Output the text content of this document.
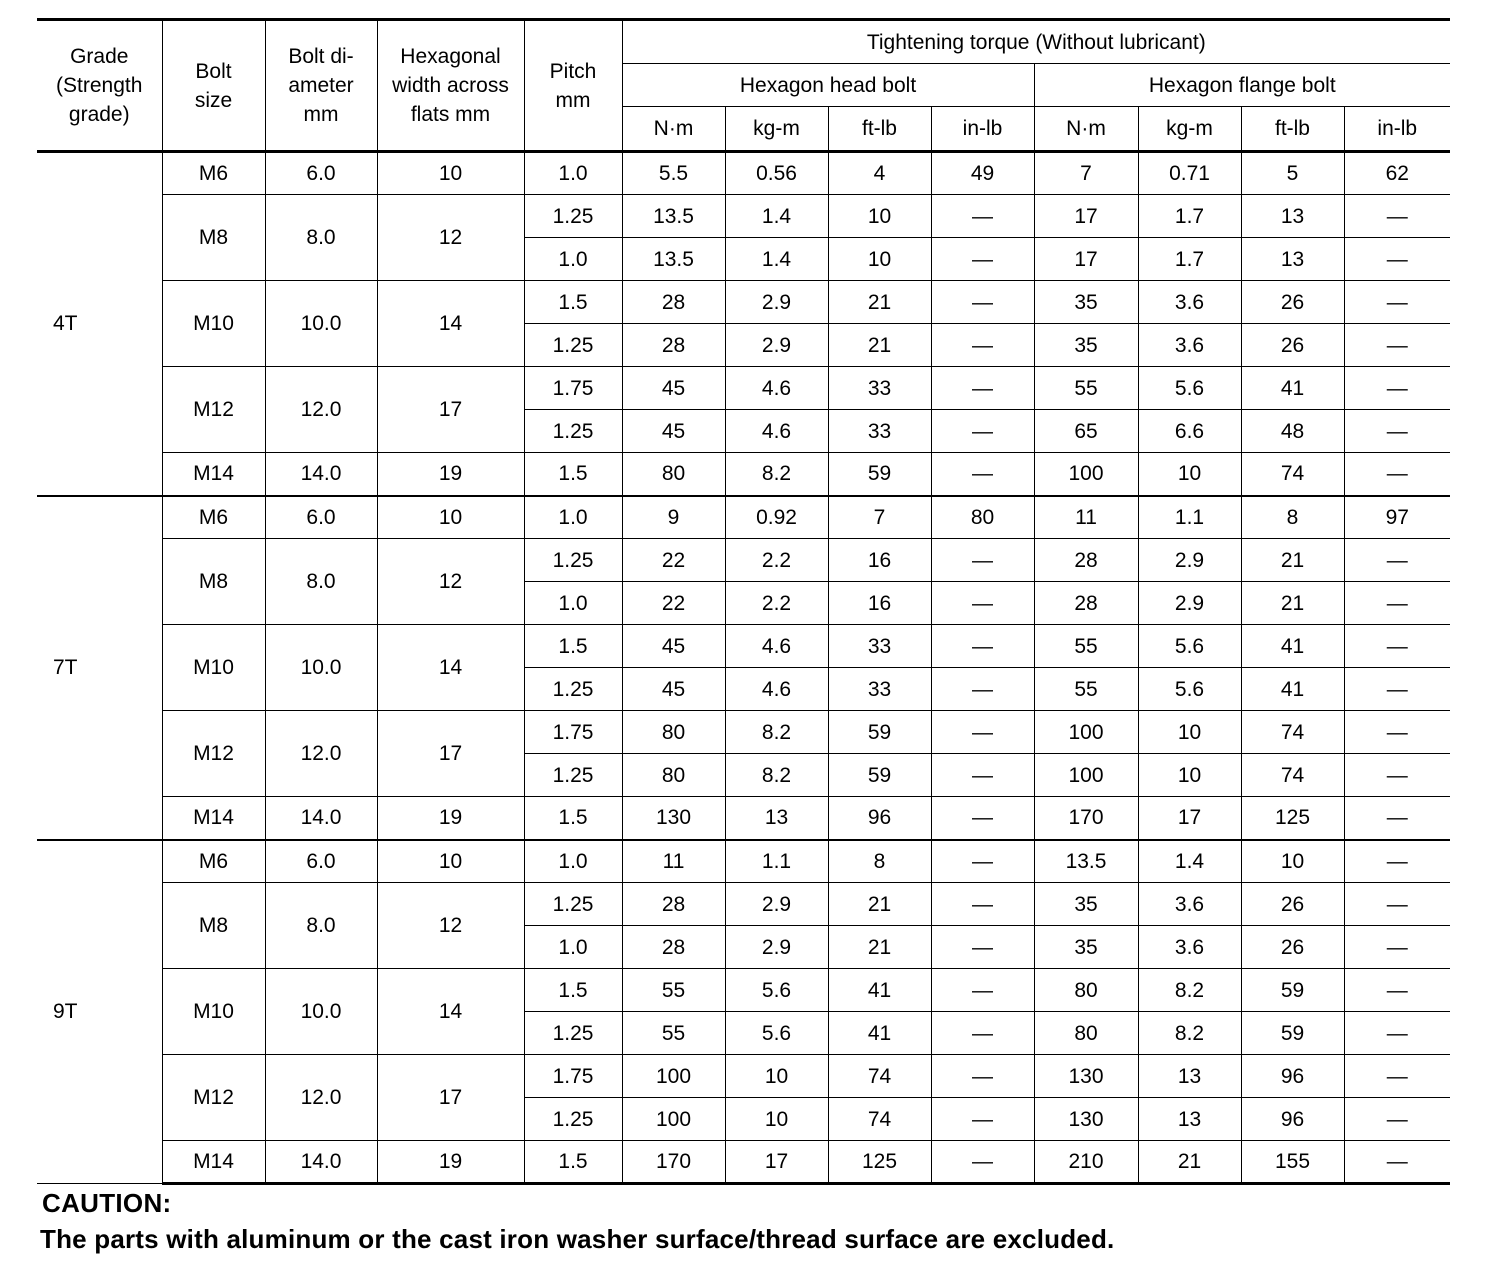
Grade (Strength grade)	Bolt size	Bolt di- ameter mm	Hexagonal width across flats mm	Pitch mm	Tightening torque (Without lubricant)							
					Hexagon head bolt				Hexagon flange bolt			
					N·m	kg-m	ft-lb	in-lb	N·m	kg-m	ft-lb	in-lb
4T	M6	6.0	10	1.0	5.5	0.56	4	49	7	0.71	5	62
	M8	8.0	12	1.25	13.5	1.4	10	—	17	1.7	13	—
				1.0	13.5	1.4	10	—	17	1.7	13	—
	M10	10.0	14	1.5	28	2.9	21	—	35	3.6	26	—
				1.25	28	2.9	21	—	35	3.6	26	—
	M12	12.0	17	1.75	45	4.6	33	—	55	5.6	41	—
				1.25	45	4.6	33	—	65	6.6	48	—
	M14	14.0	19	1.5	80	8.2	59	—	100	10	74	—
7T	M6	6.0	10	1.0	9	0.92	7	80	11	1.1	8	97
	M8	8.0	12	1.25	22	2.2	16	—	28	2.9	21	—
				1.0	22	2.2	16	—	28	2.9	21	—
	M10	10.0	14	1.5	45	4.6	33	—	55	5.6	41	—
				1.25	45	4.6	33	—	55	5.6	41	—
	M12	12.0	17	1.75	80	8.2	59	—	100	10	74	—
				1.25	80	8.2	59	—	100	10	74	—
	M14	14.0	19	1.5	130	13	96	—	170	17	125	—
9T	M6	6.0	10	1.0	11	1.1	8	—	13.5	1.4	10	—
	M8	8.0	12	1.25	28	2.9	21	—	35	3.6	26	—
				1.0	28	2.9	21	—	35	3.6	26	—
	M10	10.0	14	1.5	55	5.6	41	—	80	8.2	59	—
				1.25	55	5.6	41	—	80	8.2	59	—
	M12	12.0	17	1.75	100	10	74	—	130	13	96	—
				1.25	100	10	74	—	130	13	96	—
	M14	14.0	19	1.5	170	17	125	—	210	21	155	—
CAUTION:
The parts with aluminum or the cast iron washer surface/thread surface are excluded.
